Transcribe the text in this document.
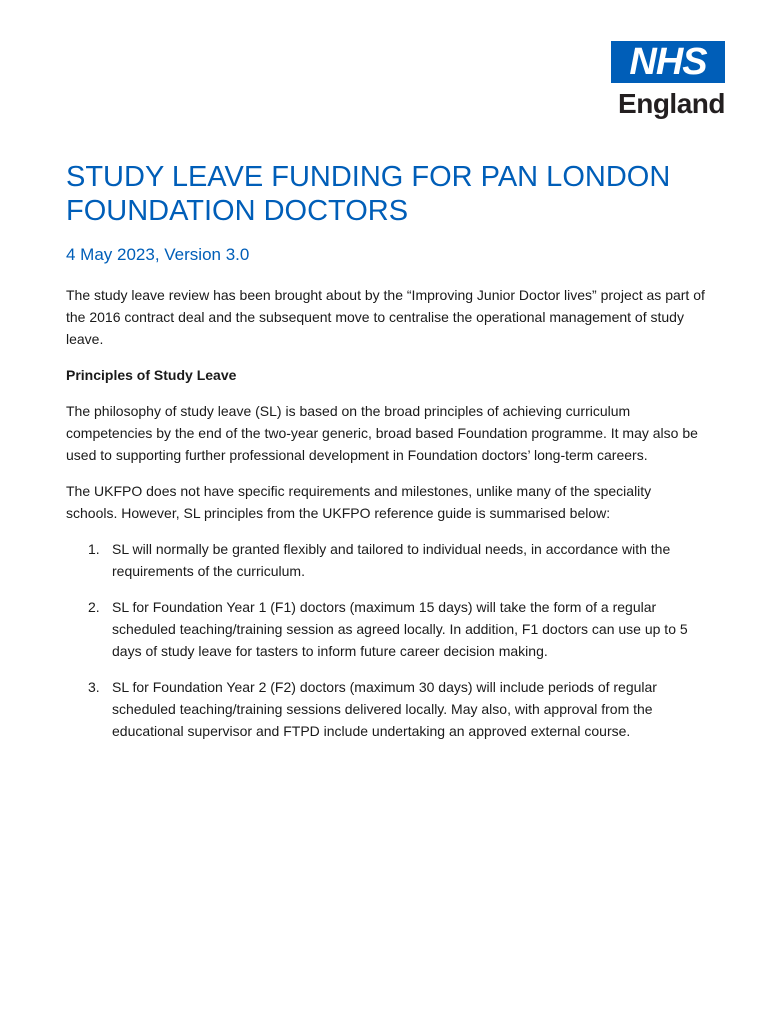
NHS
England
STUDY LEAVE FUNDING FOR PAN LONDON FOUNDATION DOCTORS
4 May 2023, Version 3.0

The study leave review has been brought about by the “Improving Junior Doctor lives” project as part of the 2016 contract deal and the subsequent move to centralise the operational management of study leave.

Principles of Study Leave

The philosophy of study leave (SL) is based on the broad principles of achieving curriculum competencies by the end of the two-year generic, broad based Foundation programme. It may also be used to supporting further professional development in Foundation doctors’ long-term careers.

The UKFPO does not have specific requirements and milestones, unlike many of the speciality schools. However, SL principles from the UKFPO reference guide is summarised below:

1. SL will normally be granted flexibly and tailored to individual needs, in accordance with the requirements of the curriculum.
2. SL for Foundation Year 1 (F1) doctors (maximum 15 days) will take the form of a regular scheduled teaching/training session as agreed locally. In addition, F1 doctors can use up to 5 days of study leave for tasters to inform future career decision making.
3. SL for Foundation Year 2 (F2) doctors (maximum 30 days) will include periods of regular scheduled teaching/training sessions delivered locally. May also, with approval from the educational supervisor and FTPD include undertaking an approved external course.
